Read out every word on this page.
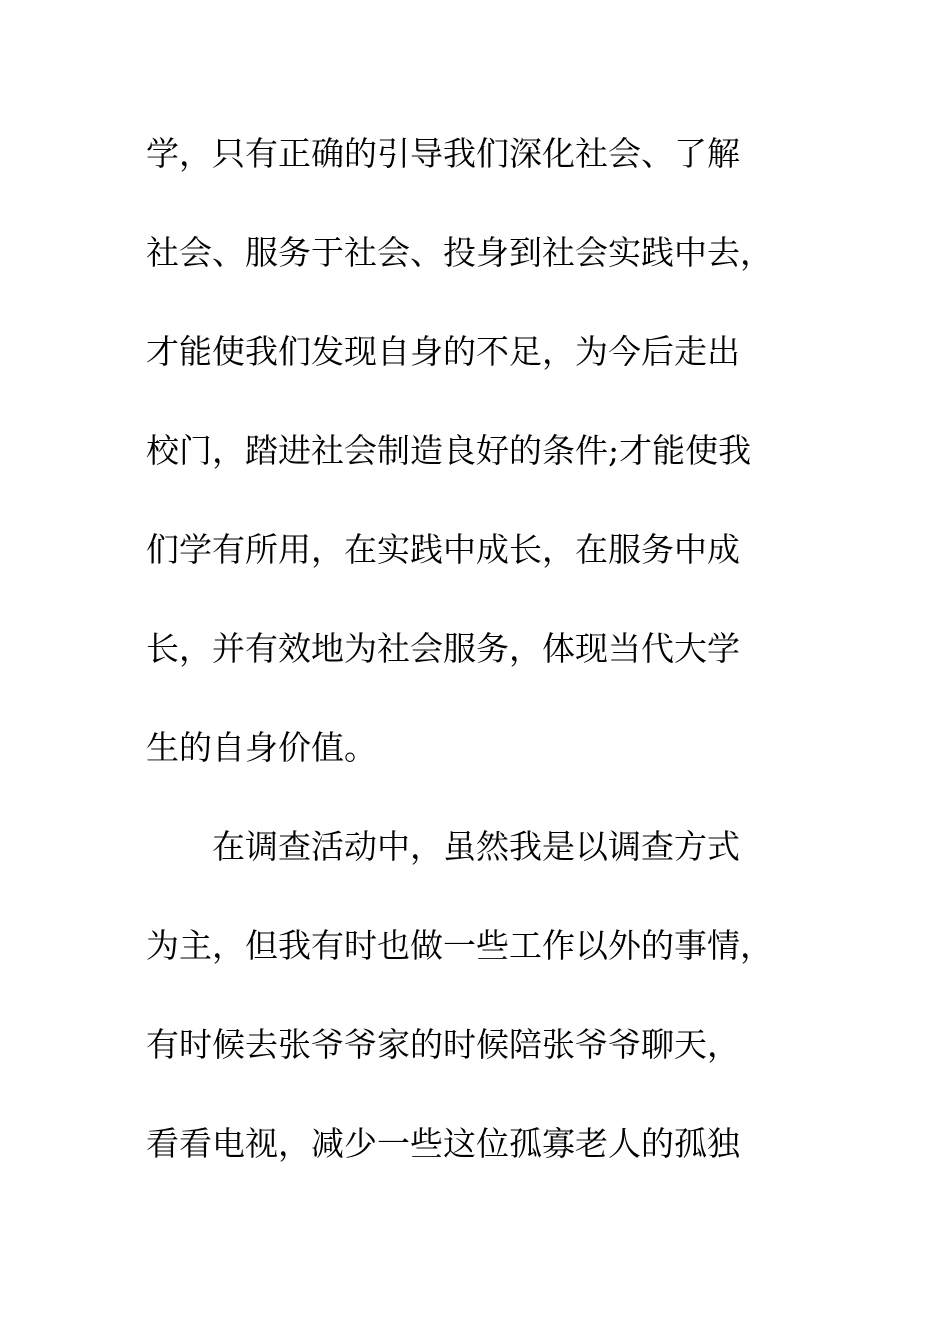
学，只有正确的引导我们深化社会、了解
社会、服务于社会、投身到社会实践中去，
才能使我们发现自身的不足，为今后走出
校门，踏进社会制造良好的条件;才能使我
们学有所用，在实践中成长，在服务中成
长，并有效地为社会服务，体现当代大学
生的自身价值。
在调查活动中，虽然我是以调查方式
为主，但我有时也做一些工作以外的事情，
有时候去张爷爷家的时候陪张爷爷聊天，
看看电视，减少一些这位孤寡老人的孤独
